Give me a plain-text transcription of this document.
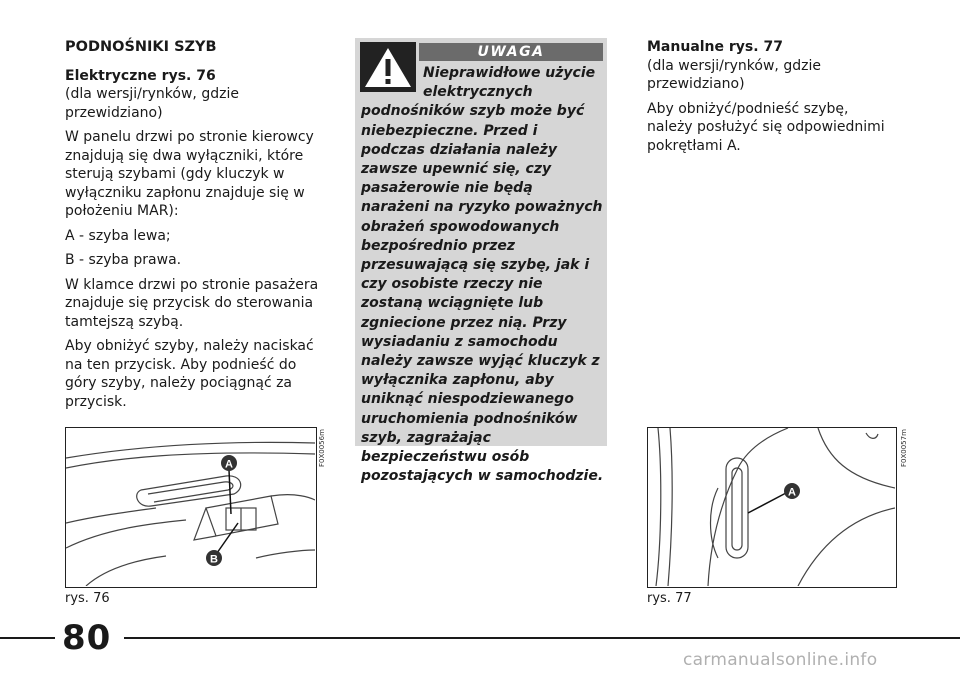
PODNOŚNIKI SZYB

Elektryczne rys. 76

(dla wersji/rynków, gdzie przewidziano)

W panelu drzwi po stronie kierowcy znajdują się dwa wyłączniki, które sterują szybami (gdy kluczyk w wyłączniku zapłonu znajduje się w położeniu MAR):

A - szyba lewa;

B - szyba prawa.

W klamce drzwi po stronie pasażera znajduje się przycisk do sterowania tamtejszą szybą.

Aby obniżyć szyby, należy naciskać na ten przycisk. Aby podnieść do góry szyby, należy pociągnąć za przycisk.

UWAGA
Nieprawidłowe użycie elektrycznych
podnośników szyb może być niebezpieczne. Przed i podczas działania należy zawsze upewnić się, czy pasażerowie nie będą narażeni na ryzyko poważnych obrażeń spowodowanych bezpośrednio przez przesuwającą się szybę, jak i czy osobiste rzeczy nie zostaną wciągnięte lub zgniecione przez nią. Przy wysiadaniu z samochodu należy zawsze wyjąć kluczyk z wyłącznika zapłonu, aby uniknąć niespodziewanego uruchomienia podnośników szyb, zagrażając bezpieczeństwu osób pozostających w samochodzie.

Manualne rys. 77

(dla wersji/rynków, gdzie przewidziano)

Aby obniżyć/podnieść szybę, należy posłużyć się odpowiednimi pokrętłami A.

A
B
F0X0056m
rys. 76
A
F0X0057m
rys. 77
80
carmanualsonline.info
